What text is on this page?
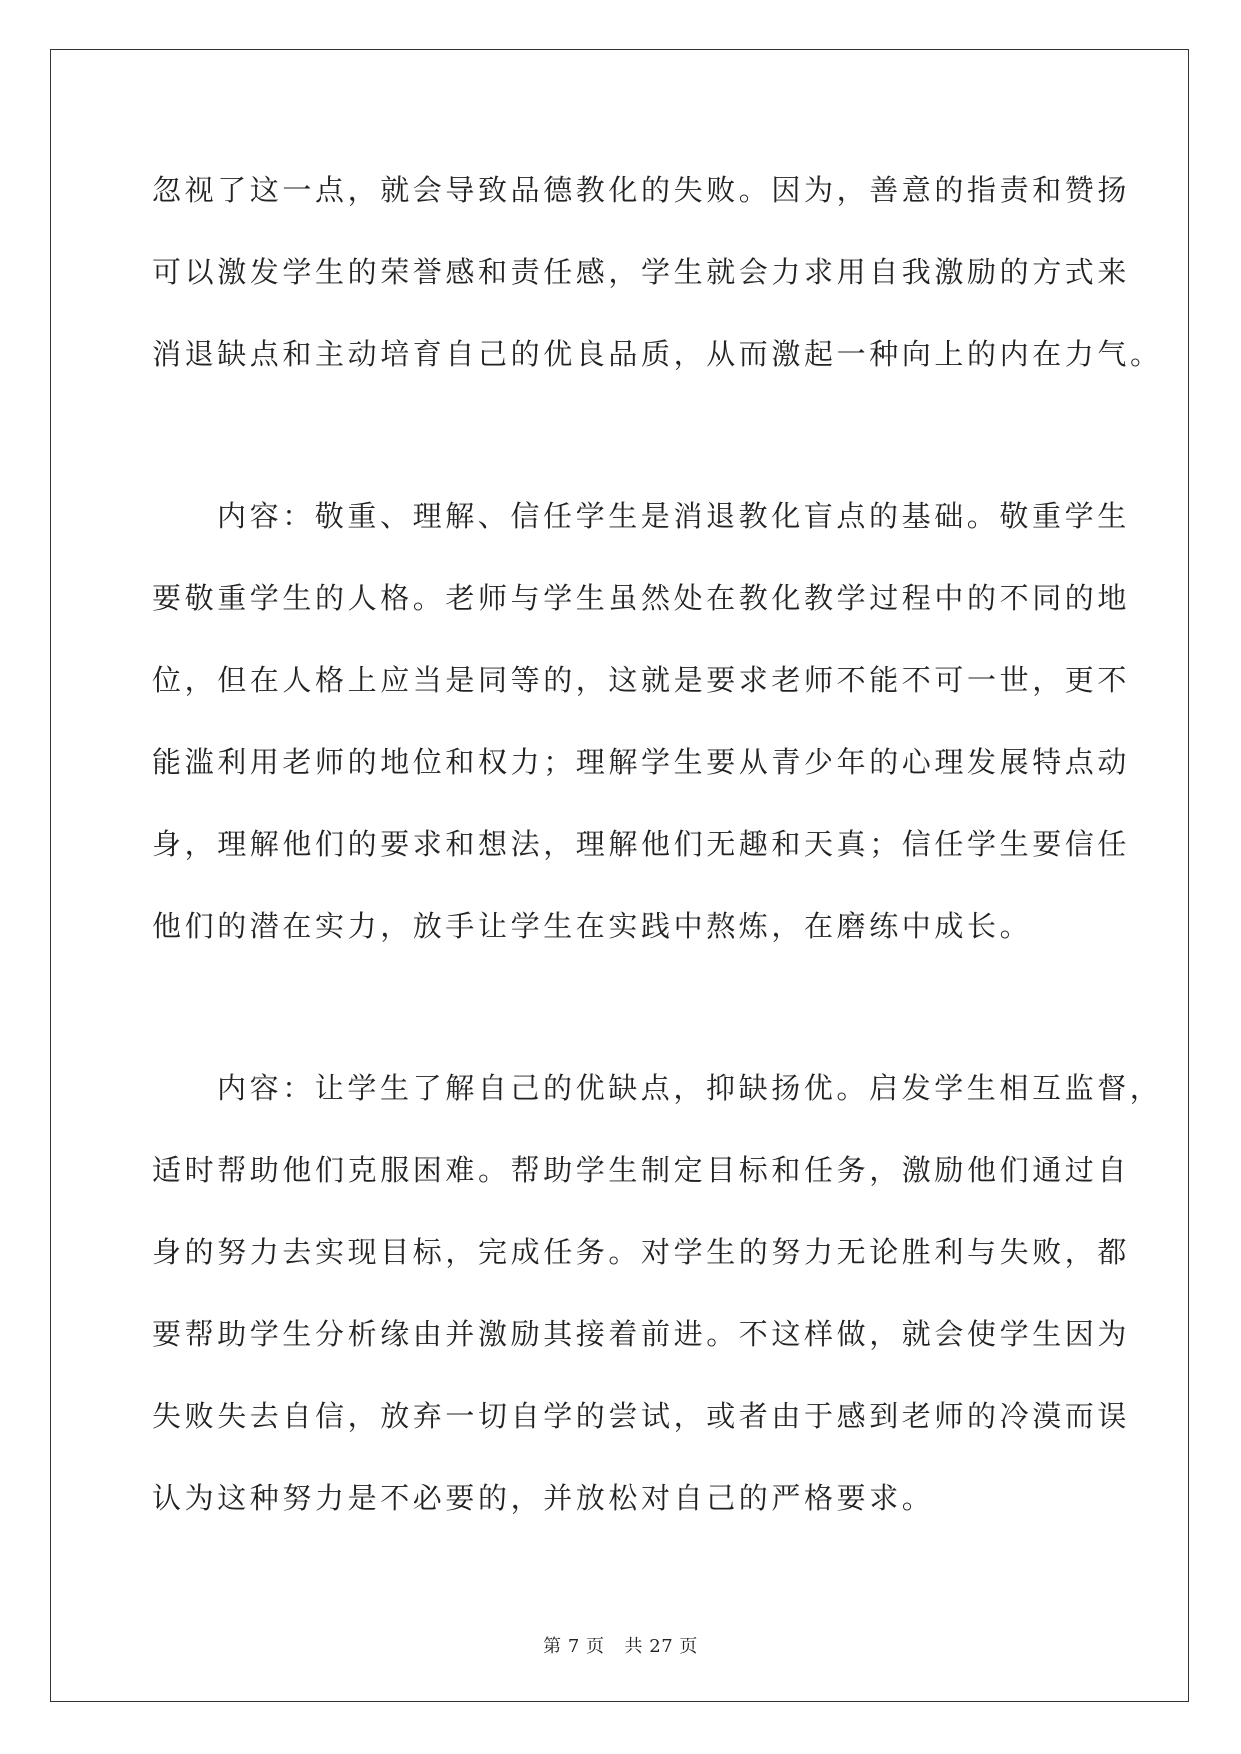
忽视了这一点，就会导致品德教化的失败。因为，善意的指责和赞扬
可以激发学生的荣誉感和责任感，学生就会力求用自我激励的方式来
消退缺点和主动培育自己的优良品质，从而激起一种向上的内在力气。
内容：敬重、理解、信任学生是消退教化盲点的基础。敬重学生
要敬重学生的人格。老师与学生虽然处在教化教学过程中的不同的地
位，但在人格上应当是同等的，这就是要求老师不能不可一世，更不
能滥利用老师的地位和权力；理解学生要从青少年的心理发展特点动
身，理解他们的要求和想法，理解他们无趣和天真；信任学生要信任
他们的潜在实力，放手让学生在实践中熬炼，在磨练中成长。
内容：让学生了解自己的优缺点，抑缺扬优。启发学生相互监督，
适时帮助他们克服困难。帮助学生制定目标和任务，激励他们通过自
身的努力去实现目标，完成任务。对学生的努力无论胜利与失败，都
要帮助学生分析缘由并激励其接着前进。不这样做，就会使学生因为
失败失去自信，放弃一切自学的尝试，或者由于感到老师的冷漠而误
认为这种努力是不必要的，并放松对自己的严格要求。
第 7 页 共 27 页
